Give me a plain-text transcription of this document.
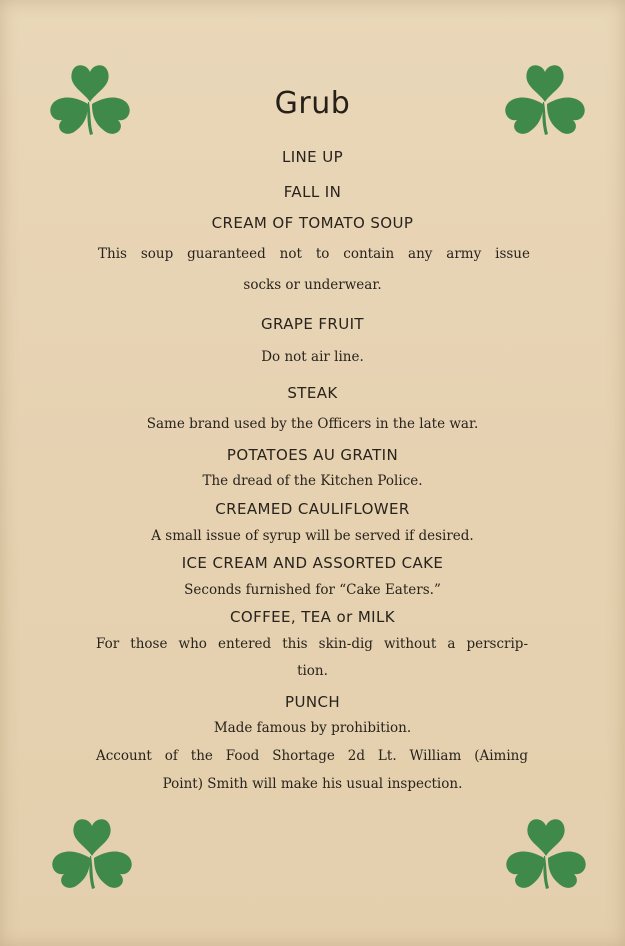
Grub
LINE UP
FALL IN
CREAM OF TOMATO SOUP
This soup guaranteed not to contain any army issue
socks or underwear.
GRAPE FRUIT
Do not air line.
STEAK
Same brand used by the Officers in the late war.
POTATOES AU GRATIN
The dread of the Kitchen Police.
CREAMED CAULIFLOWER
A small issue of syrup will be served if desired.
ICE CREAM AND ASSORTED CAKE
Seconds furnished for “Cake Eaters.”
COFFEE, TEA or MILK
For those who entered this skin-dig without a perscrip-
tion.
PUNCH
Made famous by prohibition.
Account of the Food Shortage 2d Lt. William (Aiming
Point) Smith will make his usual inspection.
